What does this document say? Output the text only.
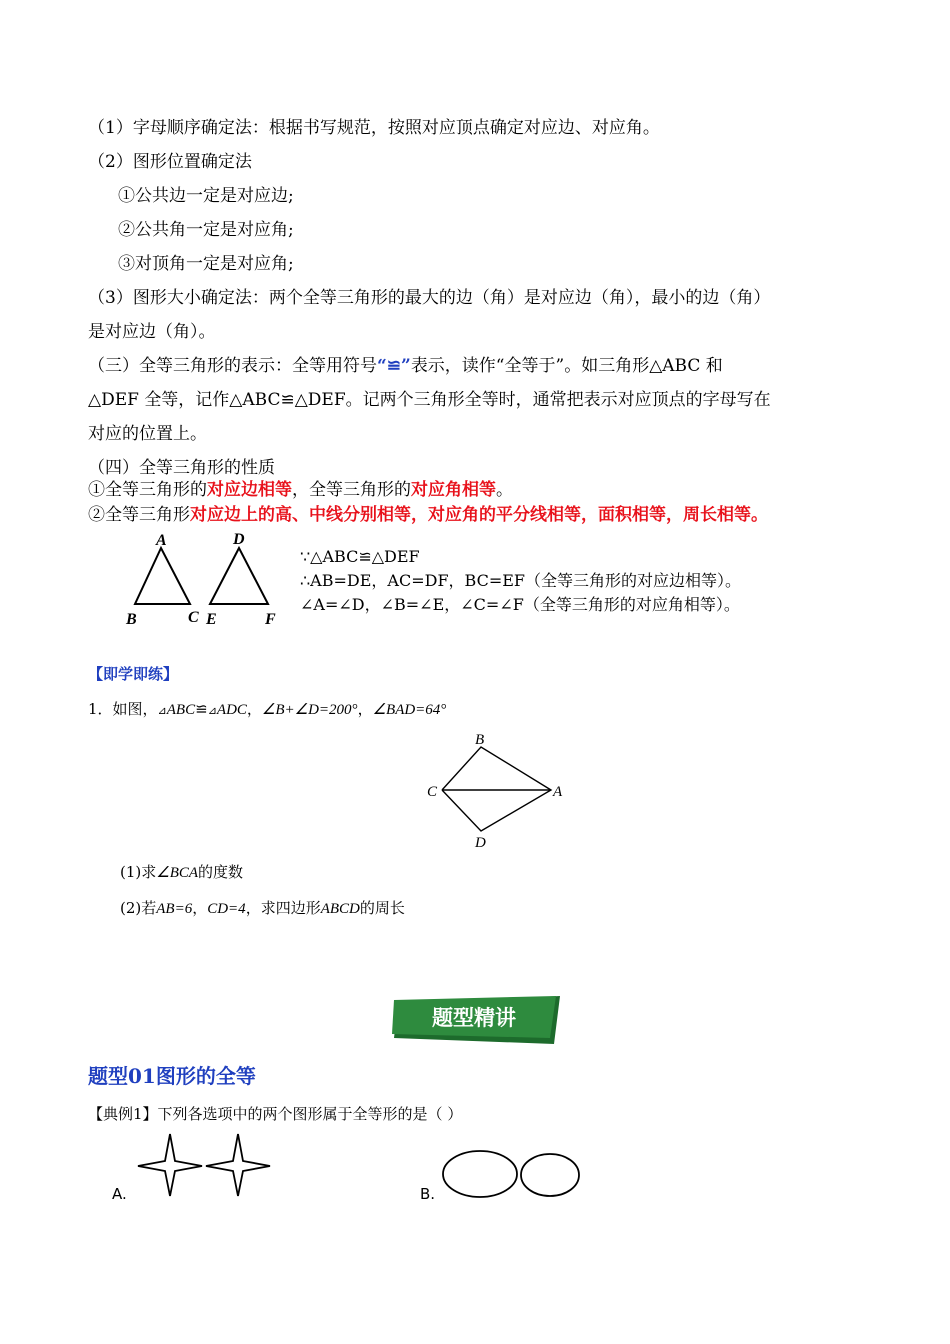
（1）字母顺序确定法：根据书写规范，按照对应顶点确定对应边、对应角。
（2）图形位置确定法
①公共边一定是对应边;
②公共角一定是对应角;
③对顶角一定是对应角;
（3）图形大小确定法：两个全等三角形的最大的边（角）是对应边（角），最小的边（角）
是对应边（角）。
（三）全等三角形的表示：全等用符号“≌”表示，读作“全等于”。如三角形△ABC 和
△DEF 全等，记作△ABC≌△DEF。记两个三角形全等时，通常把表示对应顶点的字母写在
对应的位置上。
（四）全等三角形的性质
①全等三角形的对应边相等，全等三角形的对应角相等。
②全等三角形对应边上的高、中线分别相等，对应角的平分线相等，面积相等，周长相等。
A
B	C
D
E	F
∵△ABC≌△DEF
∴AB=DE，AC=DF，BC=EF（全等三角形的对应边相等）。
∠A=∠D，∠B=∠E，∠C=∠F（全等三角形的对应角相等）。
【即学即练】
1．如图，⊿ABC≌⊿ADC，∠B+∠D=200°，∠BAD=64°
B
C	A
D
(1)求∠BCA的度数
(2)若AB=6，CD=4，求四边形ABCD的周长
题型精讲
题型01图形的全等
【典例1】下列各选项中的两个图形属于全等形的是（ ）
A.	B.
